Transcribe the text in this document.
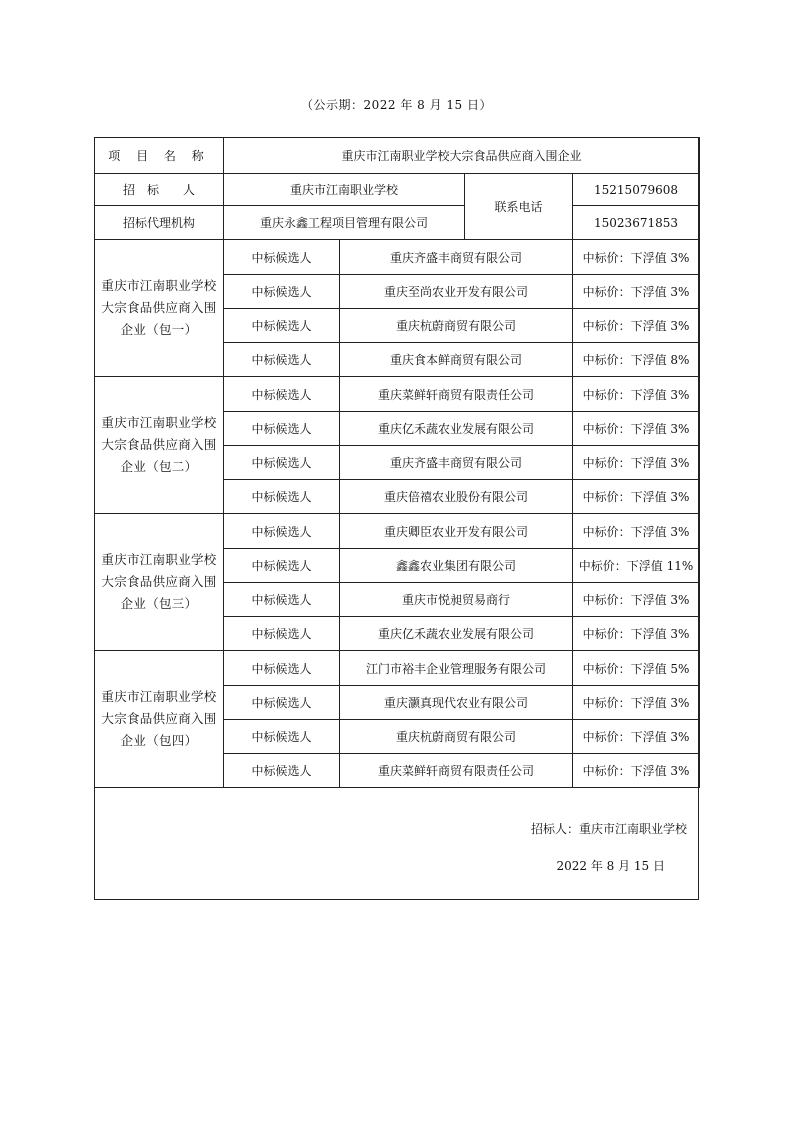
（公示期：2022 年 8 月 15 日）
项 目 名 称	重庆市江南职业学校大宗食品供应商入围企业			
招　标　　人	重庆市江南职业学校		联系电话	15215079608
招标代理机构	重庆永鑫工程项目管理有限公司			15023671853
重庆市江南职业学校大宗食品供应商入围企业（包一）	中标候选人	重庆齐盛丰商贸有限公司		中标价：下浮值 3%
	中标候选人	重庆至尚农业开发有限公司		中标价：下浮值 3%
	中标候选人	重庆杭蔚商贸有限公司		中标价：下浮值 3%
	中标候选人	重庆食本鲜商贸有限公司		中标价：下浮值 8%
重庆市江南职业学校大宗食品供应商入围企业（包二）	中标候选人	重庆菜鲜轩商贸有限责任公司		中标价：下浮值 3%
	中标候选人	重庆亿禾蔬农业发展有限公司		中标价：下浮值 3%
	中标候选人	重庆齐盛丰商贸有限公司		中标价：下浮值 3%
	中标候选人	重庆倍禧农业股份有限公司		中标价：下浮值 3%
重庆市江南职业学校大宗食品供应商入围企业（包三）	中标候选人	重庆卿臣农业开发有限公司		中标价：下浮值 3%
	中标候选人	鑫鑫农业集团有限公司		中标价：下浮值 11%
	中标候选人	重庆市悦昶贸易商行		中标价：下浮值 3%
	中标候选人	重庆亿禾蔬农业发展有限公司		中标价：下浮值 3%
重庆市江南职业学校大宗食品供应商入围企业（包四）	中标候选人	江门市裕丰企业管理服务有限公司		中标价：下浮值 5%
	中标候选人	重庆灏真现代农业有限公司		中标价：下浮值 3%
	中标候选人	重庆杭蔚商贸有限公司		中标价：下浮值 3%
	中标候选人	重庆菜鲜轩商贸有限责任公司		中标价：下浮值 3%
招标人：重庆市江南职业学校
2022 年 8 月 15 日
